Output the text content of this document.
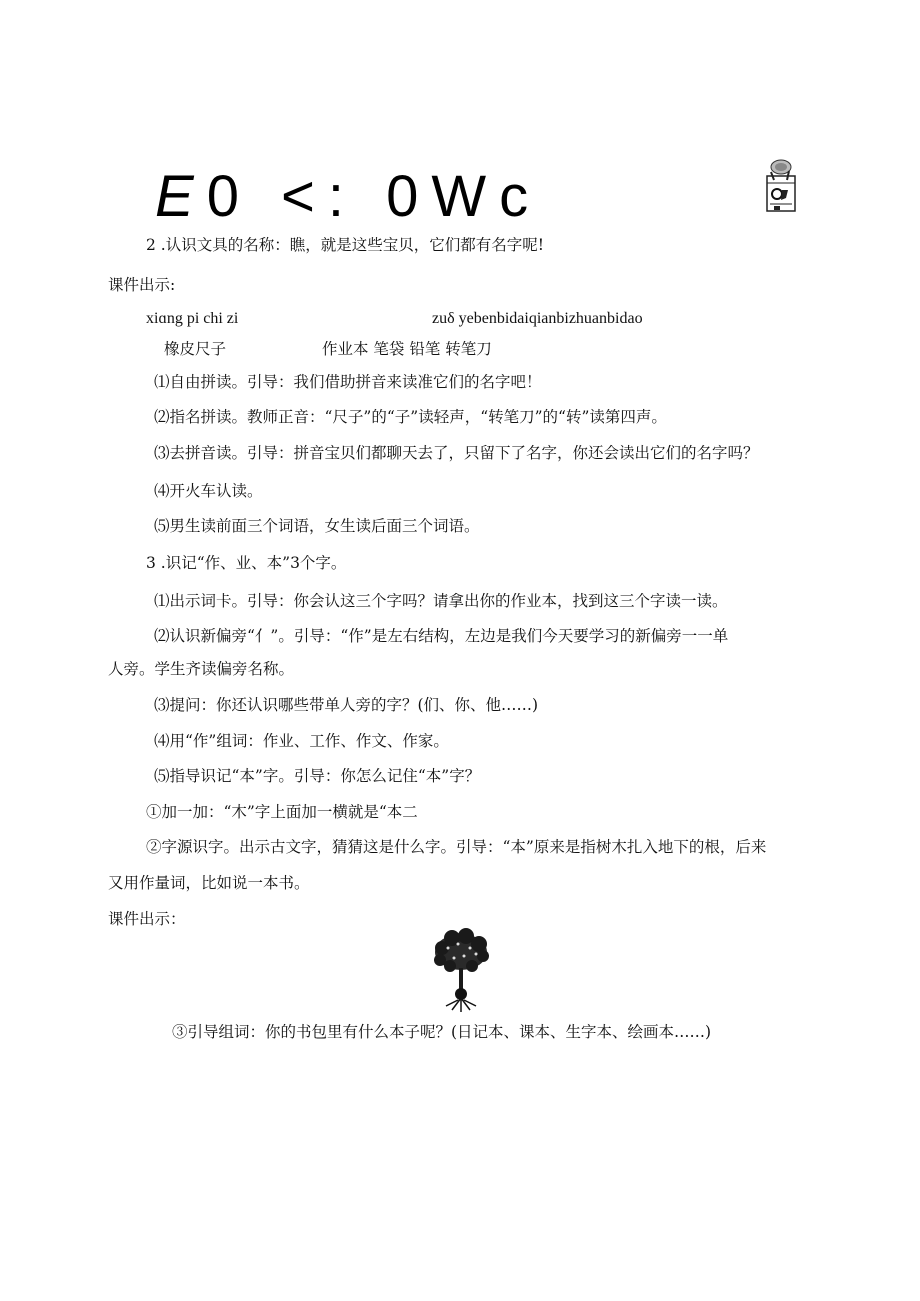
E0 <: 0Wc
2 .认识文具的名称：瞧，就是这些宝贝，它们都有名字呢!
课件出示:
xiɑng pi chi zi	zuδ yebenbidaiqianbizhuanbidao
橡皮尺子	作业本 笔袋 铅笔 转笔刀
⑴自由拼读。引导：我们借助拼音来读准它们的名字吧！
⑵指名拼读。教师正音：“尺子”的“子”读轻声，“转笔刀”的“转”读第四声。
⑶去拼音读。引导：拼音宝贝们都聊天去了，只留下了名字，你还会读出它们的名字吗？
⑷开火车认读。
⑸男生读前面三个词语，女生读后面三个词语。
3 .识记“作、业、本”3个字。
⑴出示词卡。引导：你会认这三个字吗？请拿出你的作业本，找到这三个字读一读。
⑵认识新偏旁“亻”。引导：“作”是左右结构，左边是我们今天要学习的新偏旁一一单
人旁。学生齐读偏旁名称。
⑶提问：你还认识哪些带单人旁的字？(们、你、他……)
⑷用“作”组词：作业、工作、作文、作家。
⑸指导识记“本”字。引导：你怎么记住“本”字？
①加一加：“木”字上面加一横就是“本二
②字源识字。出示古文字，猜猜这是什么字。引导：“本”原来是指树木扎入地下的根，后来
又用作量词，比如说一本书。
课件出示：
③引导组词：你的书包里有什么本子呢？(日记本、课本、生字本、绘画本……)
